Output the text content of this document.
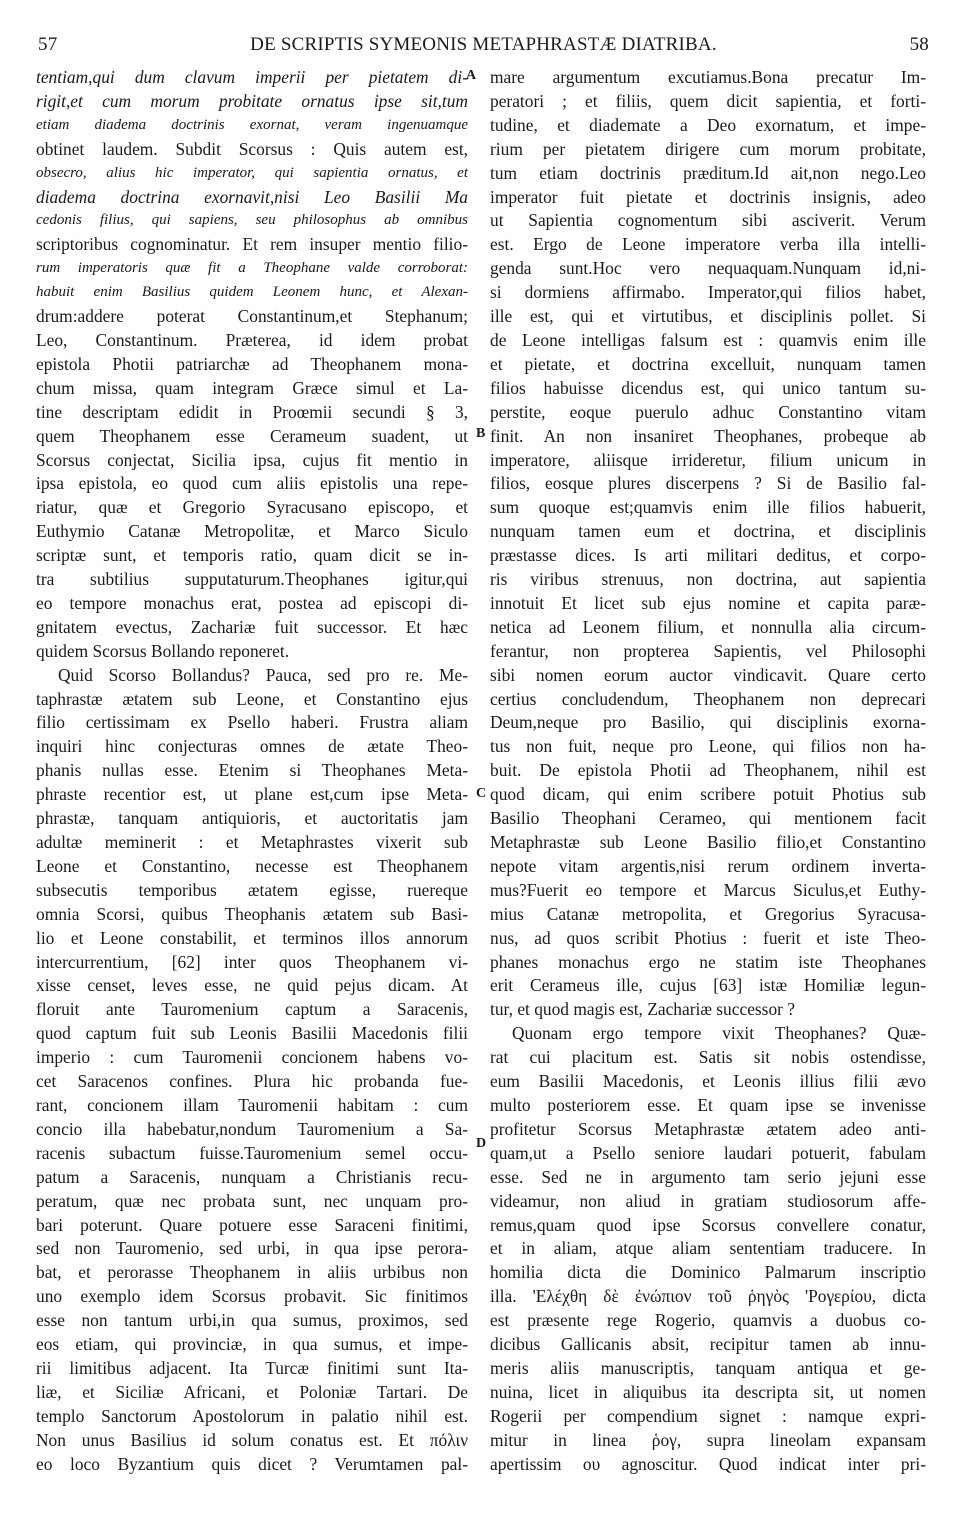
57	DE SCRIPTIS SYMEONIS METAPHRASTÆ DIATRIBA.	58
A
B
C
D
tentiam,qui dum clavum imperii per pietatem di-
rigit,et cum morum probitate ornatus ipse sit,tum
etiam diadema doctrinis exornat, veram ingenuamque
obtinet laudem. Subdit Scorsus : Quis autem est,
obsecro, alius hic imperator, qui sapientia ornatus, et
diadema doctrina exornavit,nisi Leo Basilii Ma
cedonis filius, qui sapiens, seu philosophus ab omnibus
scriptoribus cognominatur. Et rem insuper mentio filio-
rum imperatoris quæ fit a Theophane valde corroborat:
habuit enim Basilius quidem Leonem hunc, et Alexan-
drum:addere poterat Constantinum,et Stephanum;
Leo, Constantinum. Præterea, id idem probat
epistola Photii patriarchæ ad Theophanem mona-
chum missa, quam integram Græce simul et La-
tine descriptam edidit in Proœmii secundi § 3,
quem Theophanem esse Cerameum suadent, ut
Scorsus conjectat, Sicilia ipsa, cujus fit mentio in
ipsa epistola, eo quod cum aliis epistolis una repe-
riatur, quæ et Gregorio Syracusano episcopo, et
Euthymio Catanæ Metropolitæ, et Marco Siculo
scriptæ sunt, et temporis ratio, quam dicit se in-
tra subtilius supputaturum.Theophanes igitur,qui
eo tempore monachus erat, postea ad episcopi di-
gnitatem evectus, Zachariæ fuit successor. Et hæc
quidem Scorsus Bollando reponeret.
Quid Scorso Bollandus? Pauca, sed pro re. Me-
taphrastæ ætatem sub Leone, et Constantino ejus
filio certissimam ex Psello haberi. Frustra aliam
inquiri hinc conjecturas omnes de ætate Theo-
phanis nullas esse. Etenim si Theophanes Meta-
phraste recentior est, ut plane est,cum ipse Meta-
phrastæ, tanquam antiquioris, et auctoritatis jam
adultæ meminerit : et Metaphrastes vixerit sub
Leone et Constantino, necesse est Theophanem
subsecutis temporibus ætatem egisse, ruereque
omnia Scorsi, quibus Theophanis ætatem sub Basi-
lio et Leone constabilit, et terminos illos annorum
intercurrentium, [62] inter quos Theophanem vi-
xisse censet, leves esse, ne quid pejus dicam. At
floruit ante Tauromenium captum a Saracenis,
quod captum fuit sub Leonis Basilii Macedonis filii
imperio : cum Tauromenii concionem habens vo-
cet Saracenos confines. Plura hic probanda fue-
rant, concionem illam Tauromenii habitam : cum
concio illa habebatur,nondum Tauromenium a Sa-
racenis subactum fuisse.Tauromenium semel occu-
patum a Saracenis, nunquam a Christianis recu-
peratum, quæ nec probata sunt, nec unquam pro-
bari poterunt. Quare potuere esse Saraceni finitimi,
sed non Tauromenio, sed urbi, in qua ipse perora-
bat, et perorasse Theophanem in aliis urbibus non
uno exemplo idem Scorsus probavit. Sic finitimos
esse non tantum urbi,in qua sumus, proximos, sed
eos etiam, qui provinciæ, in qua sumus, et impe-
rii limitibus adjacent. Ita Turcæ finitimi sunt Ita-
liæ, et Siciliæ Africani, et Poloniæ Tartari. De
templo Sanctorum Apostolorum in palatio nihil est.
Non unus Basilius id solum conatus est. Et πόλιν
eo loco Byzantium quis dicet ? Verumtamen pal-
mare argumentum excutiamus.Bona precatur Im-
peratori ; et filiis, quem dicit sapientia, et forti-
tudine, et diademate a Deo exornatum, et impe-
rium per pietatem dirigere cum morum probitate,
tum etiam doctrinis præditum.Id ait,non nego.Leo
imperator fuit pietate et doctrinis insignis, adeo
ut Sapientia cognomentum sibi asciverit. Verum
est. Ergo de Leone imperatore verba illa intelli-
genda sunt.Hoc vero nequaquam.Nunquam id,ni-
si dormiens affirmabo. Imperator,qui filios habet,
ille est, qui et virtutibus, et disciplinis pollet. Si
de Leone intelligas falsum est : quamvis enim ille
et pietate, et doctrina excelluit, nunquam tamen
filios habuisse dicendus est, qui unico tantum su-
perstite, eoque puerulo adhuc Constantino vitam
finit. An non insaniret Theophanes, probeque ab
imperatore, aliisque irrideretur, filium unicum in
filios, eosque plures discerpens ? Si de Basilio fal-
sum quoque est;quamvis enim ille filios habuerit,
nunquam tamen eum et doctrina, et disciplinis
præstasse dices. Is arti militari deditus, et corpo-
ris viribus strenuus, non doctrina, aut sapientia
innotuit Et licet sub ejus nomine et capita paræ-
netica ad Leonem filium, et nonnulla alia circum-
ferantur, non propterea Sapientis, vel Philosophi
sibi nomen eorum auctor vindicavit. Quare certo
certius concludendum, Theophanem non deprecari
Deum,neque pro Basilio, qui disciplinis exorna-
tus non fuit, neque pro Leone, qui filios non ha-
buit. De epistola Photii ad Theophanem, nihil est
quod dicam, qui enim scribere potuit Photius sub
Basilio Theophani Cerameo, qui mentionem facit
Metaphrastæ sub Leone Basilio filio,et Constantino
nepote vitam argentis,nisi rerum ordinem inverta-
mus?Fuerit eo tempore et Marcus Siculus,et Euthy-
mius Catanæ metropolita, et Gregorius Syracusa-
nus, ad quos scribit Photius : fuerit et iste Theo-
phanes monachus ergo ne statim iste Theophanes
erit Cerameus ille, cujus [63] istæ Homiliæ legun-
tur, et quod magis est, Zachariæ successor ?
Quonam ergo tempore vixit Theophanes? Quæ-
rat cui placitum est. Satis sit nobis ostendisse,
eum Basilii Macedonis, et Leonis illius filii ævo
multo posteriorem esse. Et quam ipse se invenisse
profitetur Scorsus Metaphrastæ ætatem adeo anti-
quam,ut a Psello seniore laudari potuerit, fabulam
esse. Sed ne in argumento tam serio jejuni esse
videamur, non aliud in gratiam studiosorum affe-
remus,quam quod ipse Scorsus convellere conatur,
et in aliam, atque aliam sententiam traducere. In
homilia dicta die Dominico Palmarum inscriptio
illa. 'Ελέχθη δὲ ἐνώπιον τοῦ ῥηγὸς 'Ρογερίου, dicta
est præsente rege Rogerio, quamvis a duobus co-
dicibus Gallicanis absit, recipitur tamen ab innu-
meris aliis manuscriptis, tanquam antiqua et ge-
nuina, licet in aliquibus ita descripta sit, ut nomen
Rogerii per compendium signet : namque expri-
mitur in linea ῥογ, supra lineolam expansam
apertissim ου agnoscitur. Quod indicat inter pri-
